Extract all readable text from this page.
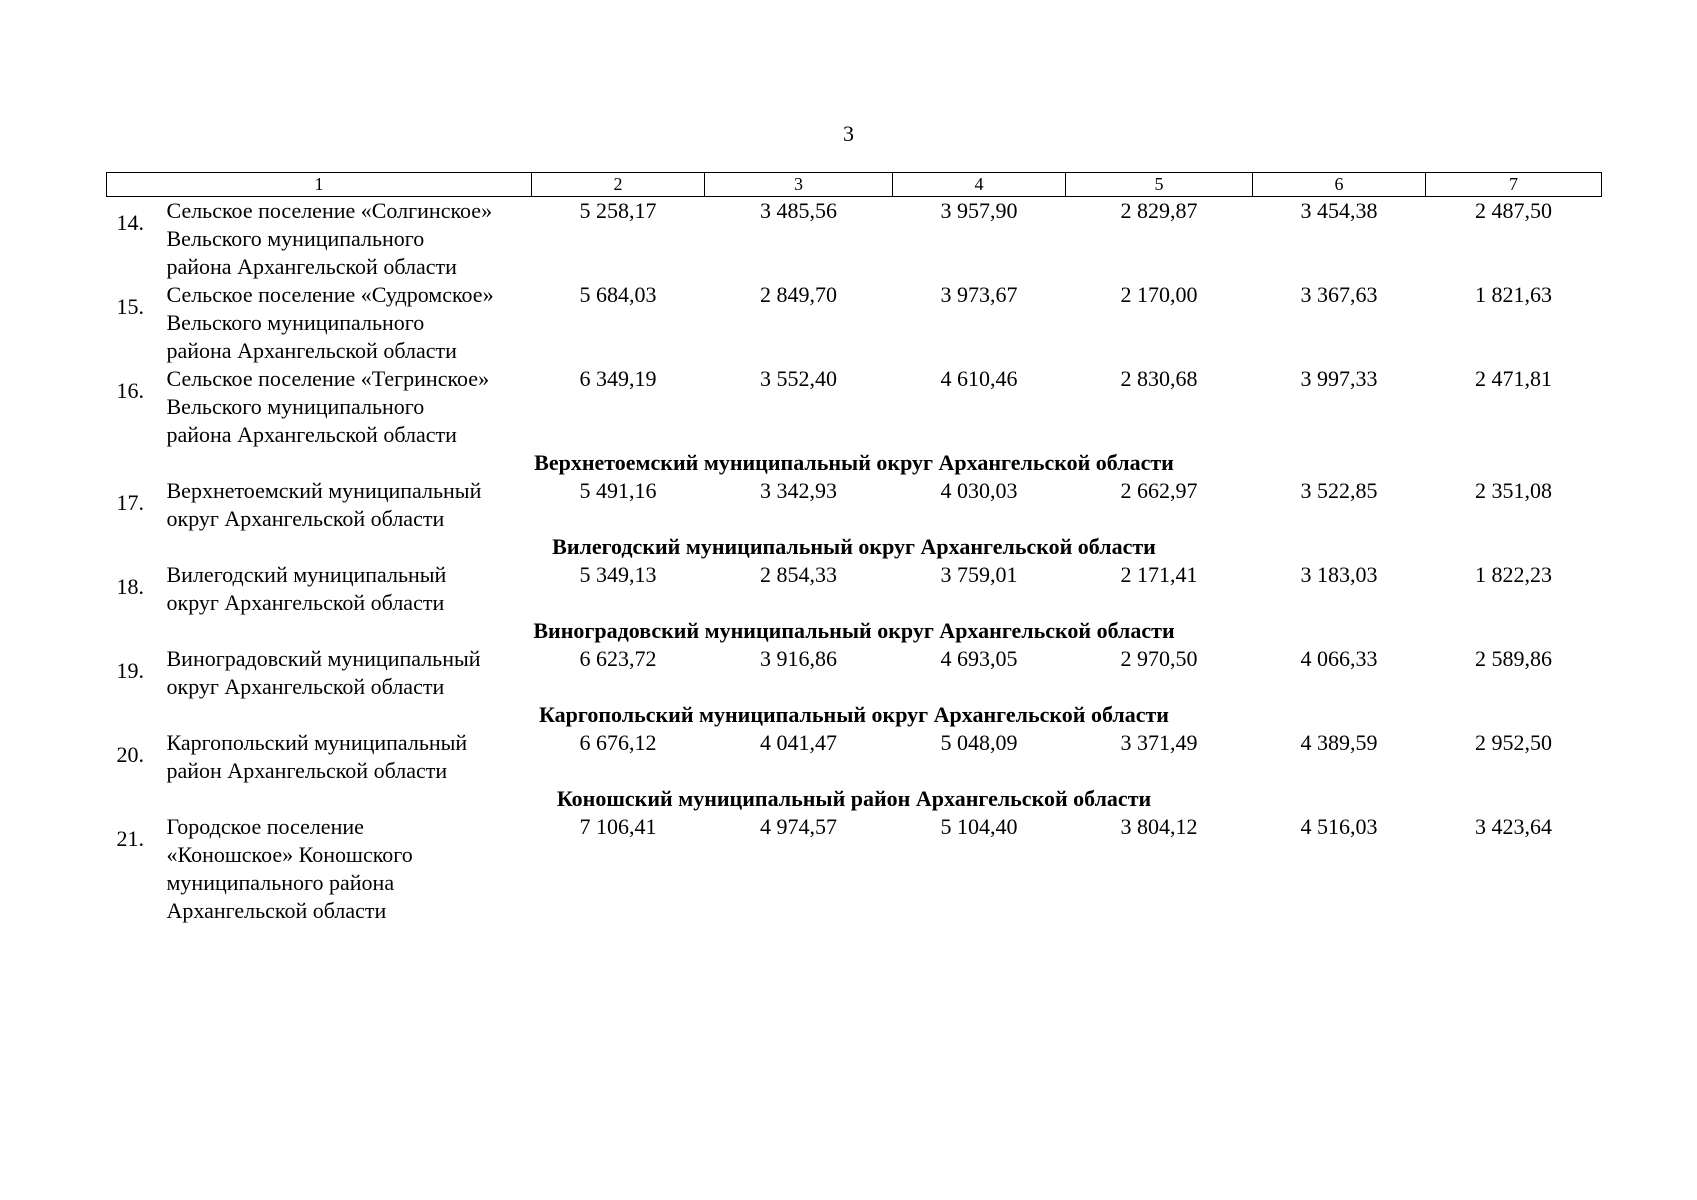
3
1	2	3	4	5	6	7

14. Сельское поселение «Солгинское»
Вельского муниципального
района Архангельской области	5 258,17	3 485,56	3 957,90	2 829,87	3 454,38	2 487,50

15. Сельское поселение «Судромское»
Вельского муниципального
района Архангельской области	5 684,03	2 849,70	3 973,67	2 170,00	3 367,63	1 821,63

16. Сельское поселение «Тегринское»
Вельского муниципального
района Архангельской области	6 349,19	3 552,40	4 610,46	2 830,68	3 997,33	2 471,81
Верхнетоемский муниципальный округ Архангельской области						

17. Верхнетоемский муниципальный
округ Архангельской области	5 491,16	3 342,93	4 030,03	2 662,97	3 522,85	2 351,08
Вилегодский муниципальный округ Архангельской области						

18. Вилегодский муниципальный
округ Архангельской области	5 349,13	2 854,33	3 759,01	2 171,41	3 183,03	1 822,23
Виноградовский муниципальный округ Архангельской области						

19. Виноградовский муниципальный
округ Архангельской области	6 623,72	3 916,86	4 693,05	2 970,50	4 066,33	2 589,86
Каргопольский муниципальный округ Архангельской области						

20. Каргопольский муниципальный
район Архангельской области	6 676,12	4 041,47	5 048,09	3 371,49	4 389,59	2 952,50
Коношский муниципальный район Архангельской области						

21. Городское поселение
«Коношское» Коношского
муниципального района
Архангельской области	7 106,41	4 974,57	5 104,40	3 804,12	4 516,03	3 423,64
